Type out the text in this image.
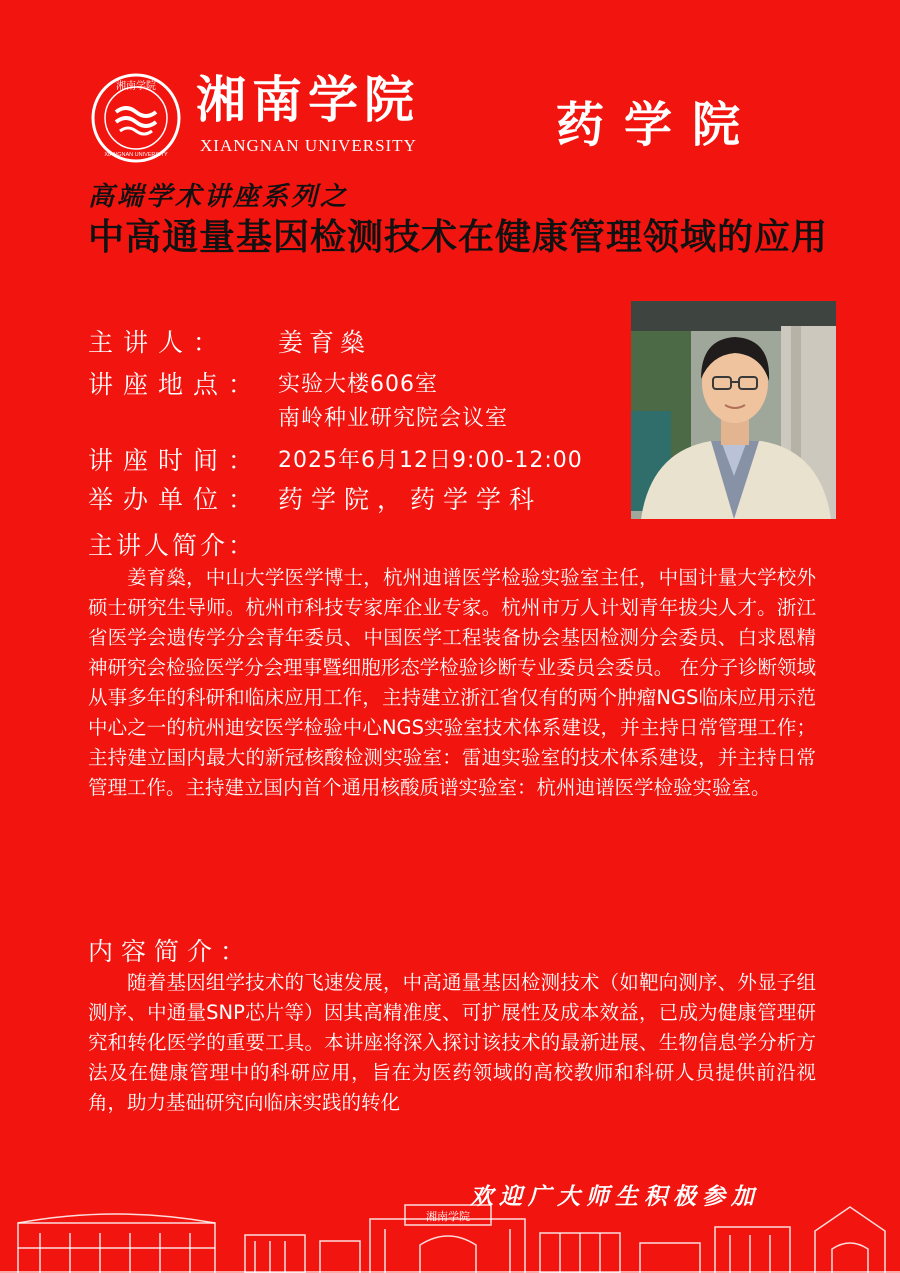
湘南学院
XIANGNAN UNIVERSITY
湘南学院
XIANGNAN UNIVERSITY	药学院
高端学术讲座系列之
中高通量基因检测技术在健康管理领域的应用
主讲人： 姜育燊
讲座地点： 实验大楼606室
南岭种业研究院会议室
讲座时间： 2025年6月12日9:00-12:00
举办单位： 药学院，药学学科
主讲人简介：
姜育燊，中山大学医学博士，杭州迪谱医学检验实验室主任，中国计量大学校外硕士研究生导师。杭州市科技专家库企业专家。杭州市万人计划青年拔尖人才。浙江省医学会遗传学分会青年委员、中国医学工程装备协会基因检测分会委员、白求恩精神研究会检验医学分会理事暨细胞形态学检验诊断专业委员会委员。 在分子诊断领域从事多年的科研和临床应用工作，主持建立浙江省仅有的两个肿瘤NGS临床应用示范中心之一的杭州迪安医学检验中心NGS实验室技术体系建设，并主持日常管理工作；主持建立国内最大的新冠核酸检测实验室：雷迪实验室的技术体系建设，并主持日常管理工作。主持建立国内首个通用核酸质谱实验室：杭州迪谱医学检验实验室。
内容简介：
随着基因组学技术的飞速发展，中高通量基因检测技术（如靶向测序、外显子组测序、中通量SNP芯片等）因其高精准度、可扩展性及成本效益，已成为健康管理研究和转化医学的重要工具。本讲座将深入探讨该技术的最新进展、生物信息学分析方法及在健康管理中的科研应用，旨在为医药领域的高校教师和科研人员提供前沿视角，助力基础研究向临床实践的转化
欢迎广大师生积极参加
湘南学院
